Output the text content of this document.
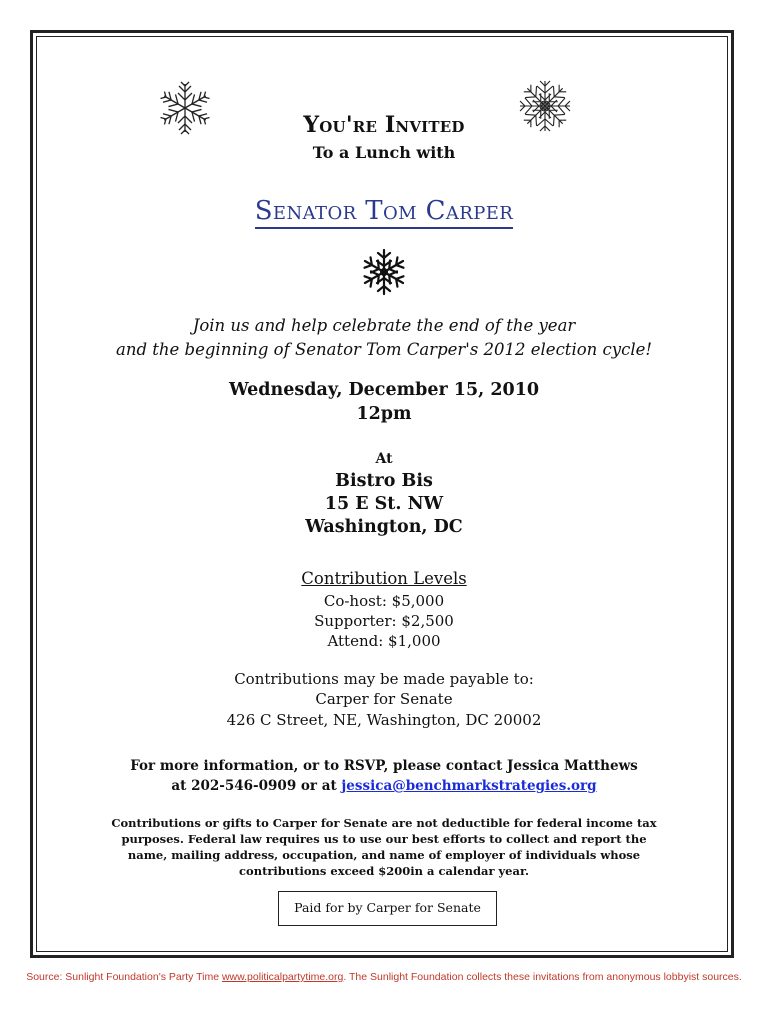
You're Invited
To a Lunch with
Senator Tom Carper
Join us and help celebrate the end of the year
and the beginning of Senator Tom Carper's 2012 election cycle!
Wednesday, December 15, 2010
12pm
At
Bistro Bis
15 E St. NW
Washington, DC
Contribution Levels
Co-host: $5,000
Supporter: $2,500
Attend: $1,000
Contributions may be made payable to:
Carper for Senate
426 C Street, NE, Washington, DC 20002
For more information, or to RSVP, please contact Jessica Matthews
at 202-546-0909 or at jessica@benchmarkstrategies.org
Contributions or gifts to Carper for Senate are not deductible for federal income tax purposes. Federal law requires us to use our best efforts to collect and report the name, mailing address, occupation, and name of employer of individuals whose contributions exceed $200in a calendar year.
Paid for by Carper for Senate
Source: Sunlight Foundation's Party Time www.politicalpartytime.org. The Sunlight Foundation collects these invitations from anonymous lobbyist sources.
